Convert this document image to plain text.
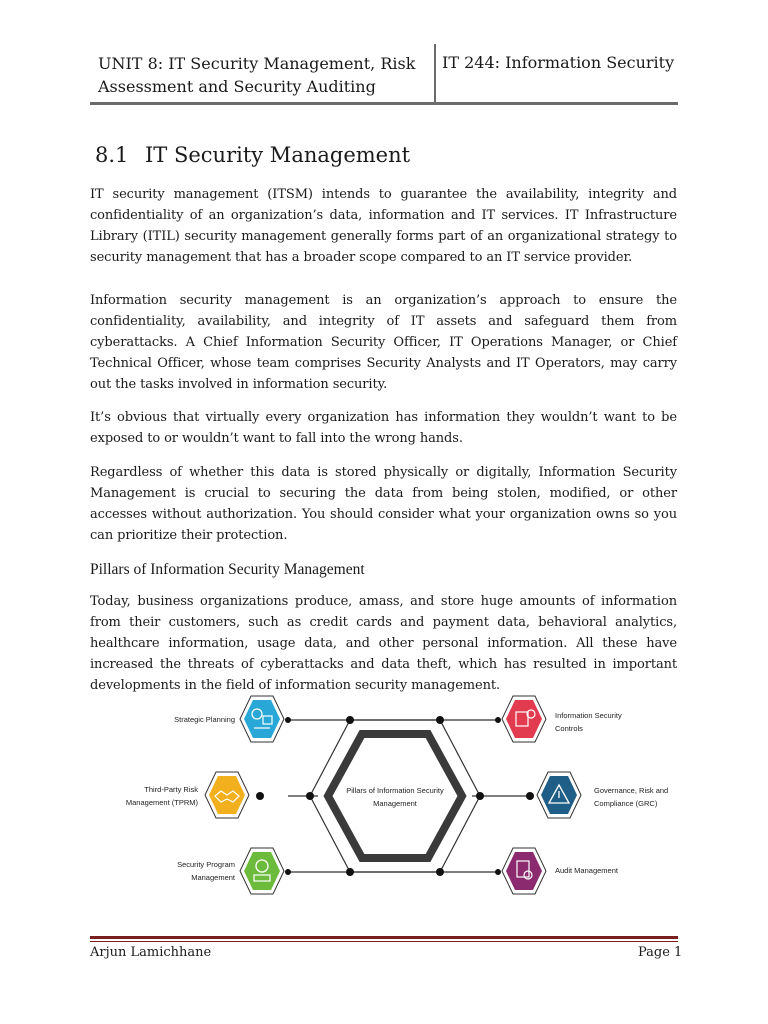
UNIT 8: IT Security Management, Risk Assessment and Security Auditing
IT 244: Information Security
8.1 IT Security Management

IT security management (ITSM) intends to guarantee the availability, integrity and confidentiality of an organization’s data, information and IT services. IT Infrastructure Library (ITIL) security management generally forms part of an organizational strategy to security management that has a broader scope compared to an IT service provider.

Information security management is an organization’s approach to ensure the confidentiality, availability, and integrity of IT assets and safeguard them from cyberattacks. A Chief Information Security Officer, IT Operations Manager, or Chief Technical Officer, whose team comprises Security Analysts and IT Operators, may carry out the tasks involved in information security.

It’s obvious that virtually every organization has information they wouldn’t want to be exposed to or wouldn’t want to fall into the wrong hands.

Regardless of whether this data is stored physically or digitally, Information Security Management is crucial to securing the data from being stolen, modified, or other accesses without authorization. You should consider what your organization owns so you can prioritize their protection.

Pillars of Information Security Management

Today, business organizations produce, amass, and store huge amounts of information from their customers, such as credit cards and payment data, behavioral analytics, healthcare information, usage data, and other personal information. All these have increased the threats of cyberattacks and data theft, which has resulted in important developments in the field of information security management.

Pillars of Information Security Management
Strategic Planning
Third-Party Risk Management (TPRM)
Security Program Management
Information Security Controls
Governance, Risk and Compliance (GRC)
Audit Management
Arjun Lamichhane	Page 1
